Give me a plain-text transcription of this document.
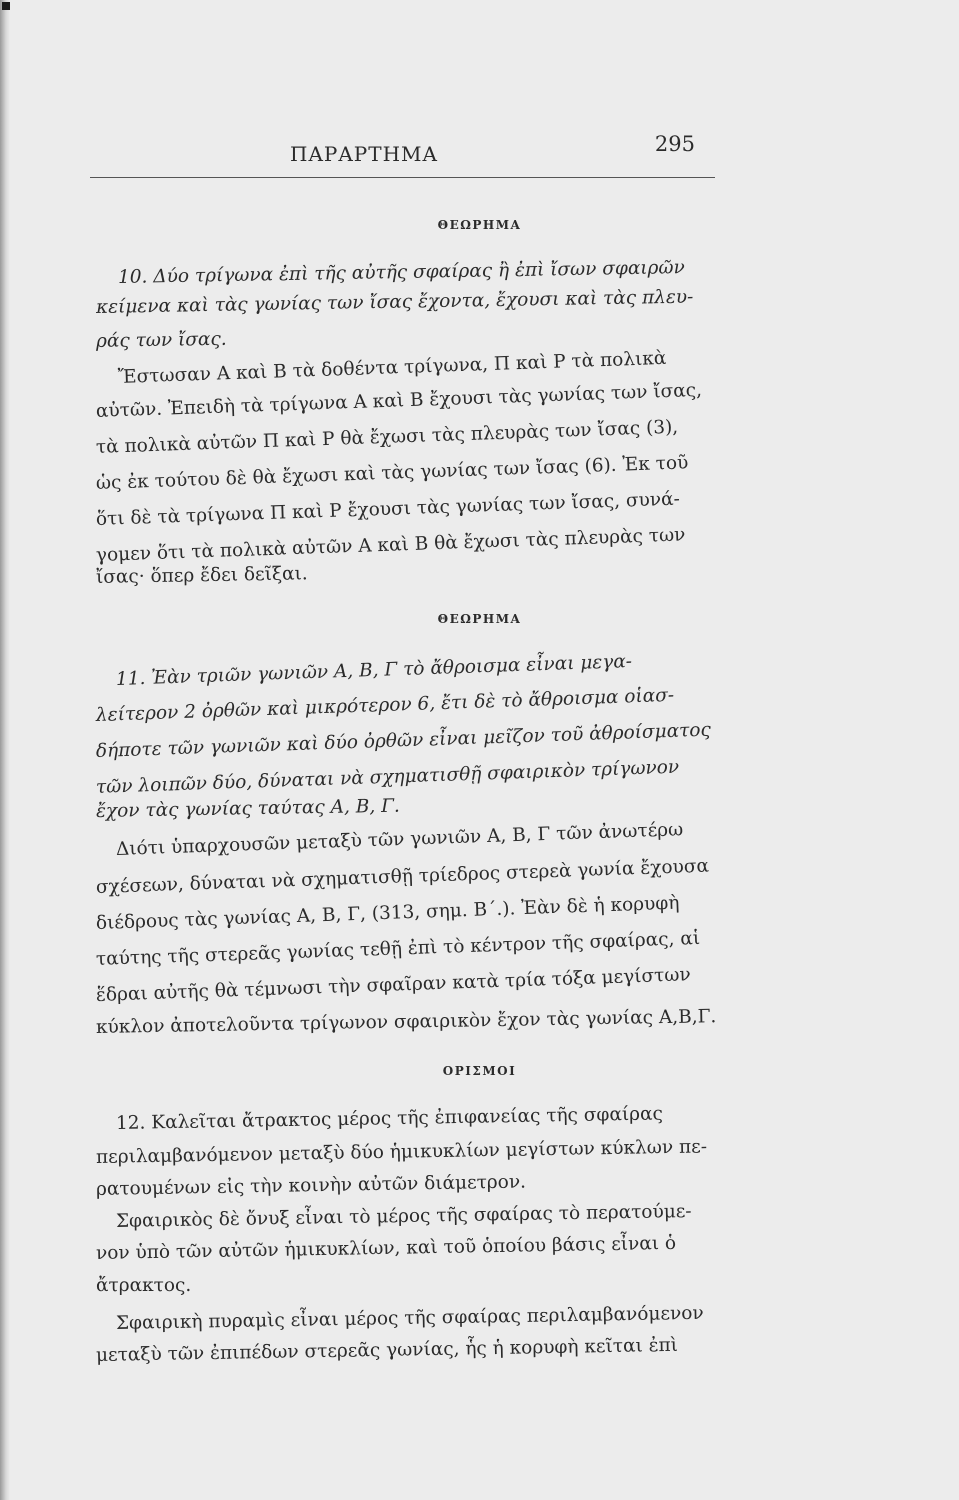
ΠΑΡΑΡΤΗΜΑ	295
ΘΕΩΡΗΜΑ
10. Δύο τρίγωνα ἐπὶ τῆς αὐτῆς σφαίρας ἢ ἐπὶ ἴσων σφαιρῶν
κείμενα καὶ τὰς γωνίας των ἴσας ἔχοντα, ἔχουσι καὶ τὰς πλευ-
ράς των ἴσας.
Ἔστωσαν Α καὶ Β τὰ δοθέντα τρίγωνα, Π καὶ Ρ τὰ πολικὰ
αὐτῶν. Ἐπειδὴ τὰ τρίγωνα Α καὶ Β ἔχουσι τὰς γωνίας των ἴσας,
τὰ πολικὰ αὐτῶν Π καὶ Ρ θὰ ἔχωσι τὰς πλευρὰς των ἴσας (3),
ὡς ἐκ τούτου δὲ θὰ ἔχωσι καὶ τὰς γωνίας των ἴσας (6). Ἐκ τοῦ
ὅτι δὲ τὰ τρίγωνα Π καὶ Ρ ἔχουσι τὰς γωνίας των ἴσας, συνά-
γομεν ὅτι τὰ πολικὰ αὐτῶν Α καὶ Β θὰ ἔχωσι τὰς πλευρὰς των
ἴσας· ὅπερ ἔδει δεῖξαι.
ΘΕΩΡΗΜΑ
11. Ἐὰν τριῶν γωνιῶν Α, Β, Γ τὸ ἄθροισμα εἶναι μεγα-
λείτερον 2 ὀρθῶν καὶ μικρότερον 6, ἔτι δὲ τὸ ἄθροισμα οἱασ-
δήποτε τῶν γωνιῶν καὶ δύο ὀρθῶν εἶναι μεῖζον τοῦ ἀθροίσματος
τῶν λοιπῶν δύο, δύναται νὰ σχηματισθῇ σφαιρικὸν τρίγωνον
ἔχον τὰς γωνίας ταύτας Α, Β, Γ.
Διότι ὑπαρχουσῶν μεταξὺ τῶν γωνιῶν Α, Β, Γ τῶν ἀνωτέρω
σχέσεων, δύναται νὰ σχηματισθῇ τρίεδρος στερεὰ γωνία ἔχουσα
διέδρους τὰς γωνίας Α, Β, Γ, (313, σημ. Β΄.). Ἐὰν δὲ ἡ κορυφὴ
ταύτης τῆς στερεᾶς γωνίας τεθῇ ἐπὶ τὸ κέντρον τῆς σφαίρας, αἱ
ἕδραι αὐτῆς θὰ τέμνωσι τὴν σφαῖραν κατὰ τρία τόξα μεγίστων
κύκλον ἀποτελοῦντα τρίγωνον σφαιρικὸν ἔχον τὰς γωνίας Α,Β,Γ.
ΟΡΙΣΜΟΙ
12. Καλεῖται ἄτρακτος μέρος τῆς ἐπιφανείας τῆς σφαίρας
περιλαμβανόμενον μεταξὺ δύο ἡμικυκλίων μεγίστων κύκλων πε-
ρατουμένων εἰς τὴν κοινὴν αὐτῶν διάμετρον.
Σφαιρικὸς δὲ ὄνυξ εἶναι τὸ μέρος τῆς σφαίρας τὸ περατούμε-
νον ὑπὸ τῶν αὐτῶν ἡμικυκλίων, καὶ τοῦ ὁποίου βάσις εἶναι ὁ
ἄτρακτος.
Σφαιρικὴ πυραμὶς εἶναι μέρος τῆς σφαίρας περιλαμβανόμενον
μεταξὺ τῶν ἐπιπέδων στερεᾶς γωνίας, ἧς ἡ κορυφὴ κεῖται ἐπὶ
